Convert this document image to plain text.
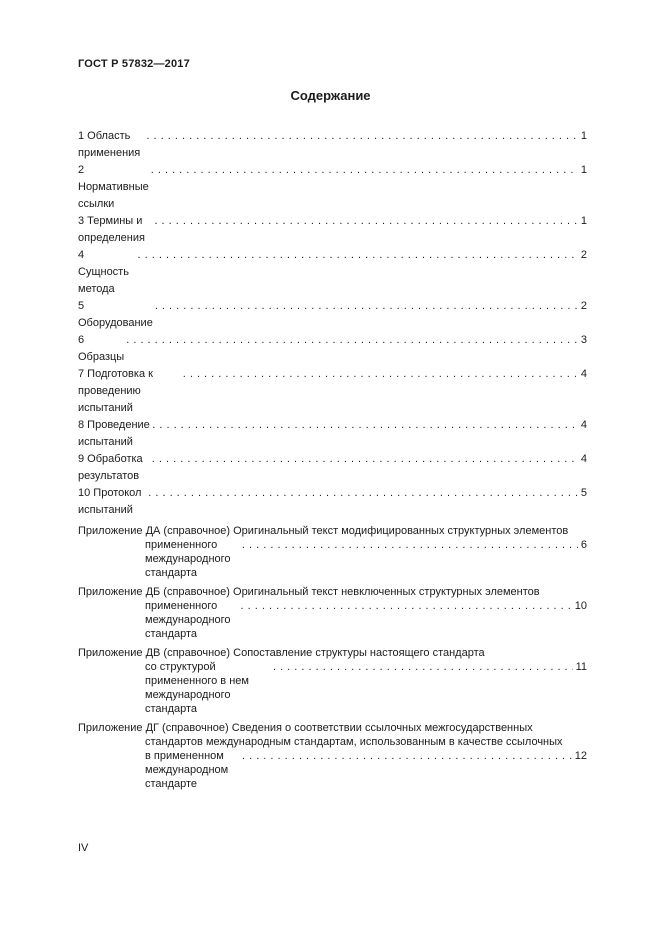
ГОСТ Р 57832—2017
Содержание
1 Область применения
. . .
1
2 Нормативные ссылки
. . .
1
3 Термины и определения
. . .
1
4 Сущность метода
. . .
2
5 Оборудование
. . .
2
6 Образцы
. . .
3
7 Подготовка к проведению испытаний
. . .
4
8 Проведение испытаний
. . .
4
9 Обработка результатов
. . .
4
10 Протокол испытаний
. . .
5
Приложение ДА (справочное) Оригинальный текст модифицированных структурных элементов
примененного международного стандарта
. . .
6
Приложение ДБ (справочное) Оригинальный текст невключенных структурных элементов
примененного международного стандарта
. . .
10
Приложение ДВ (справочное) Сопоставление структуры настоящего стандарта
со структурой примененного в нем международного стандарта
. . .
11
Приложение ДГ (справочное) Сведения о соответствии ссылочных межгосударственных
стандартов международным стандартам, использованным в качестве ссылочных
в примененном международном стандарте
. . .
12
IV
